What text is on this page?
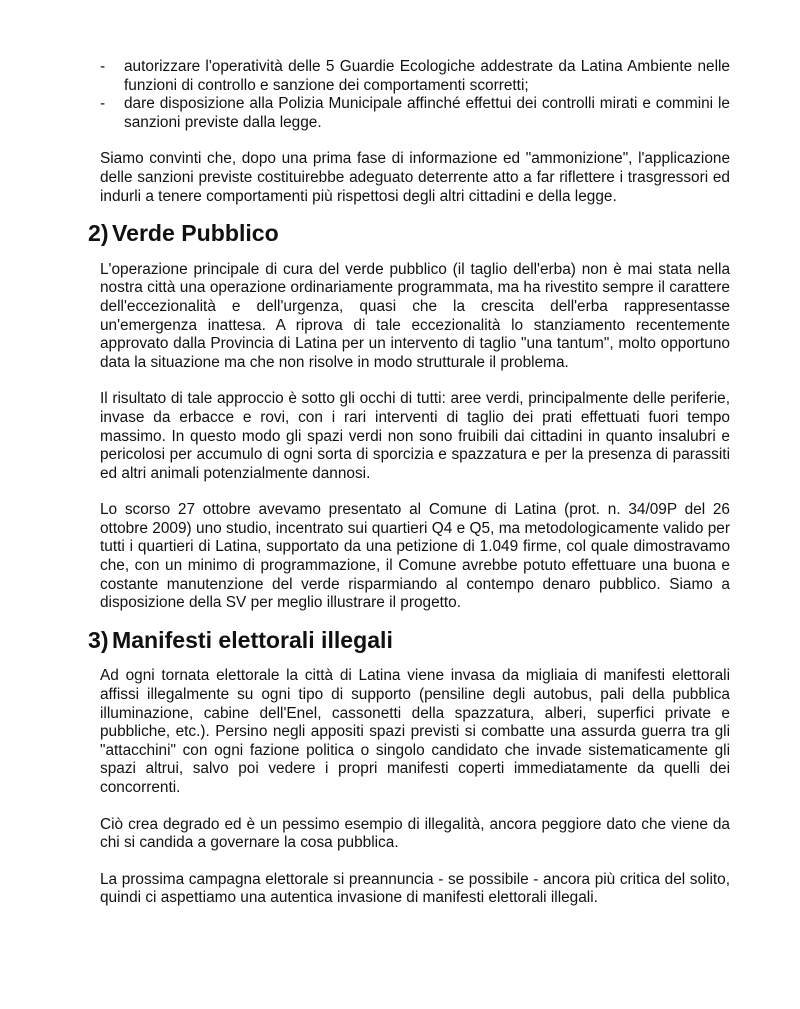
- autorizzare l'operatività delle 5 Guardie Ecologiche addestrate da Latina Ambiente nelle funzioni di controllo e sanzione dei comportamenti scorretti;
- dare disposizione alla Polizia Municipale affinché effettui dei controlli mirati e commini le sanzioni previste dalla legge.

Siamo convinti che, dopo una prima fase di informazione ed "ammonizione", l'applicazione delle sanzioni previste costituirebbe adeguato deterrente atto a far riflettere i trasgressori ed indurli a tenere comportamenti più rispettosi degli altri cittadini e della legge.

2) Verde Pubblico

L'operazione principale di cura del verde pubblico (il taglio dell'erba) non è mai stata nella nostra città una operazione ordinariamente programmata, ma ha rivestito sempre il carattere dell'eccezionalità e dell'urgenza, quasi che la crescita dell'erba rappresentasse un'emergenza inattesa. A riprova di tale eccezionalità lo stanziamento recentemente approvato dalla Provincia di Latina per un intervento di taglio "una tantum", molto opportuno data la situazione ma che non risolve in modo strutturale il problema.

Il risultato di tale approccio è sotto gli occhi di tutti: aree verdi, principalmente delle periferie, invase da erbacce e rovi, con i rari interventi di taglio dei prati effettuati fuori tempo massimo. In questo modo gli spazi verdi non sono fruibili dai cittadini in quanto insalubri e pericolosi per accumulo di ogni sorta di sporcizia e spazzatura e per la presenza di parassiti ed altri animali potenzialmente dannosi.

Lo scorso 27 ottobre avevamo presentato al Comune di Latina (prot. n. 34/09P del 26 ottobre 2009) uno studio, incentrato sui quartieri Q4 e Q5, ma metodologicamente valido per tutti i quartieri di Latina, supportato da una petizione di 1.049 firme, col quale dimostravamo che, con un minimo di programmazione, il Comune avrebbe potuto effettuare una buona e costante manutenzione del verde risparmiando al contempo denaro pubblico. Siamo a disposizione della SV per meglio illustrare il progetto.

3) Manifesti elettorali illegali

Ad ogni tornata elettorale la città di Latina viene invasa da migliaia di manifesti elettorali affissi illegalmente su ogni tipo di supporto (pensiline degli autobus, pali della pubblica illuminazione, cabine dell'Enel, cassonetti della spazzatura, alberi, superfici private e pubbliche, etc.). Persino negli appositi spazi previsti si combatte una assurda guerra tra gli "attacchini" con ogni fazione politica o singolo candidato che invade sistematicamente gli spazi altrui, salvo poi vedere i propri manifesti coperti immediatamente da quelli dei concorrenti.

Ciò crea degrado ed è un pessimo esempio di illegalità, ancora peggiore dato che viene da chi si candida a governare la cosa pubblica.

La prossima campagna elettorale si preannuncia - se possibile - ancora più critica del solito, quindi ci aspettiamo una autentica invasione di manifesti elettorali illegali.
